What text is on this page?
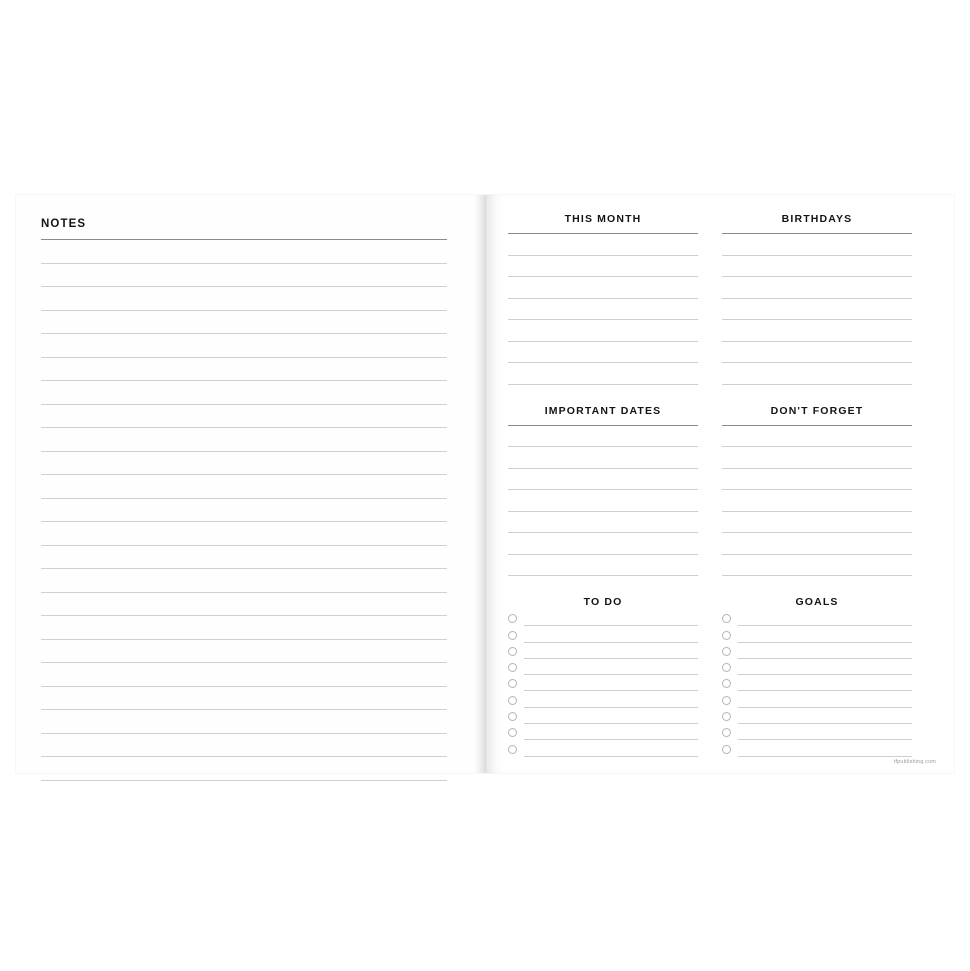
NOTES	THIS MONTH	BIRTHDAYS
IMPORTANT DATES	DON'T FORGET
TO DO	GOALS
tfpublishing.com
